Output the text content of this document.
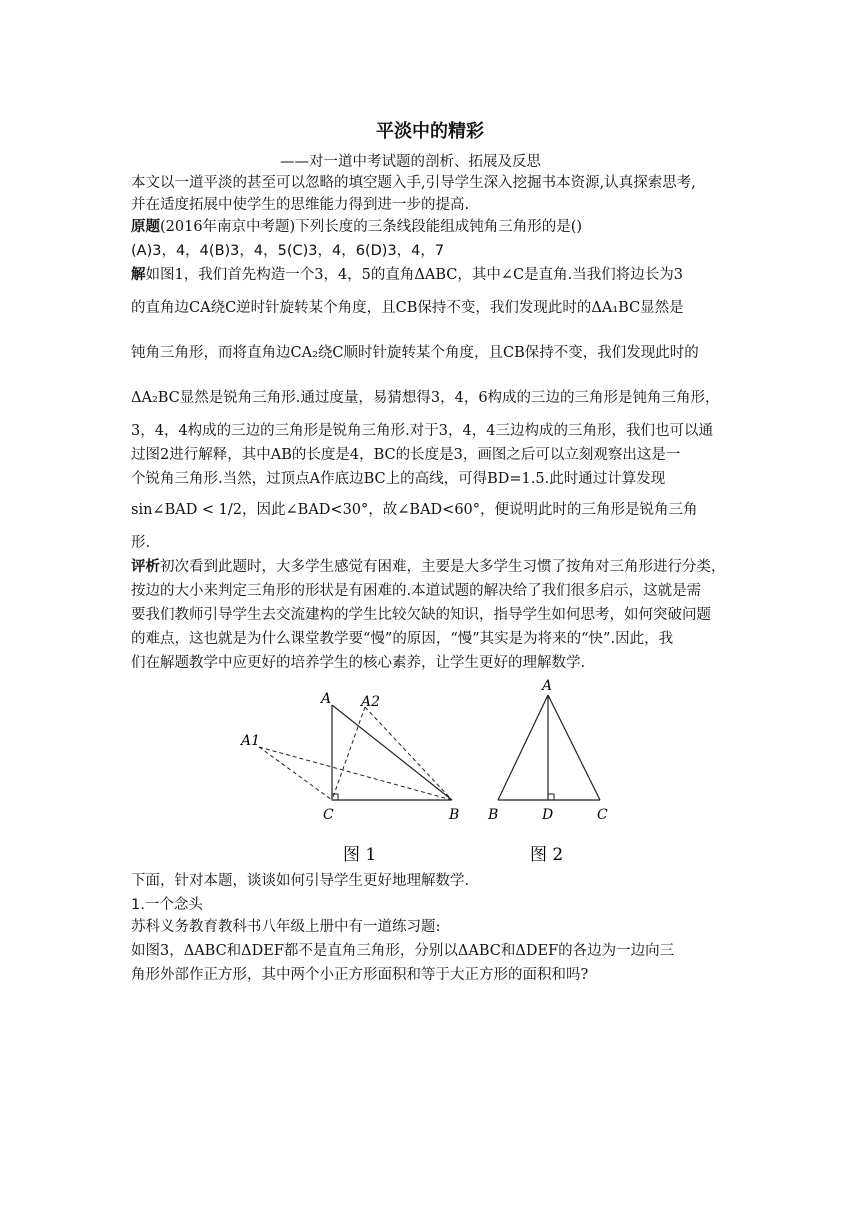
平淡中的精彩
——对一道中考试题的剖析、拓展及反思
本文以一道平淡的甚至可以忽略的填空题入手,引导学生深入挖掘书本资源,认真探索思考,
并在适度拓展中使学生的思维能力得到进一步的提高.
原题(2016年南京中考题)下列长度的三条线段能组成钝角三角形的是()
(A)3，4，4(B)3，4，5(C)3，4，6(D)3，4，7
解如图1，我们首先构造一个3，4，5的直角ΔABC，其中∠C是直角.当我们将边长为3
的直角边CA绕C逆时针旋转某个角度，且CB保持不变，我们发现此时的ΔA₁BC显然是
钝角三角形，而将直角边CA₂绕C顺时针旋转某个角度，且CB保持不变，我们发现此时的
ΔA₂BC显然是锐角三角形.通过度量，易猜想得3，4，6构成的三边的三角形是钝角三角形，
3，4，4构成的三边的三角形是锐角三角形.对于3，4，4三边构成的三角形，我们也可以通
过图2进行解释，其中AB的长度是4，BC的长度是3，画图之后可以立刻观察出这是一
个锐角三角形.当然，过顶点A作底边BC上的高线，可得BD=1.5.此时通过计算发现
sin∠BAD < 1/2，因此∠BAD<30°，故∠BAD<60°，便说明此时的三角形是锐角三角
形.
评析初次看到此题时，大多学生感觉有困难，主要是大多学生习惯了按角对三角形进行分类，
按边的大小来判定三角形的形状是有困难的.本道试题的解决给了我们很多启示，这就是需
要我们教师引导学生去交流建构的学生比较欠缺的知识，指导学生如何思考，如何突破问题
的难点，这也就是为什么课堂教学要“慢”的原因，“慢”其实是为将来的“快”.因此，我
们在解题教学中应更好的培养学生的核心素养，让学生更好的理解数学.
A A2
A1
C	B
图 1
A
B	D	C
图 2
下面，针对本题，谈谈如何引导学生更好地理解数学.
1.一个念头
苏科义务教育教科书八年级上册中有一道练习题:
如图3，ΔABC和ΔDEF都不是直角三角形，分别以ΔABC和ΔDEF的各边为一边向三
角形外部作正方形，其中两个小正方形面积和等于大正方形的面积和吗?
